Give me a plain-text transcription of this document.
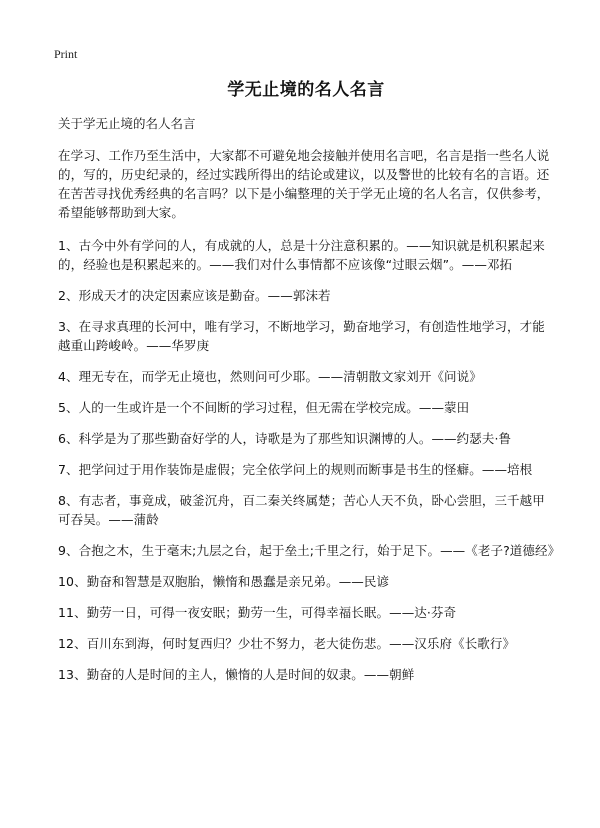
Print
学无止境的名人名言
关于学无止境的名人名言
在学习、工作乃至生活中，大家都不可避免地会接触并使用名言吧，名言是指一些名人说的，写的，历史纪录的，经过实践所得出的结论或建议，以及警世的比较有名的言语。还在苦苦寻找优秀经典的名言吗？以下是小编整理的关于学无止境的名人名言，仅供参考，希望能够帮助到大家。

1、古今中外有学问的人，有成就的人，总是十分注意积累的。——知识就是机积累起来的，经验也是积累起来的。——我们对什么事情都不应该像“过眼云烟”。——邓拓

2、形成天才的决定因素应该是勤奋。——郭沫若

3、在寻求真理的长河中，唯有学习，不断地学习，勤奋地学习，有创造性地学习，才能越重山跨峻岭。——华罗庚

4、理无专在，而学无止境也，然则问可少耶。——清朝散文家刘开《问说》

5、人的一生或许是一个不间断的学习过程，但无需在学校完成。——蒙田

6、科学是为了那些勤奋好学的人，诗歌是为了那些知识渊博的人。——约瑟夫·鲁

7、把学问过于用作装饰是虚假；完全依学问上的规则而断事是书生的怪癖。——培根

8、有志者，事竟成，破釜沉舟，百二秦关终属楚；苦心人天不负，卧心尝胆，三千越甲可吞吴。——蒲龄

9、合抱之木，生于毫末;九层之台，起于垒土;千里之行，始于足下。——《老子?道德经》

10、勤奋和智慧是双胞胎，懒惰和愚蠢是亲兄弟。——民谚

11、勤劳一日，可得一夜安眠；勤劳一生，可得幸福长眠。——达·芬奇

12、百川东到海，何时复西归？少壮不努力，老大徒伤悲。——汉乐府《长歌行》

13、勤奋的人是时间的主人，懒惰的人是时间的奴隶。——朝鲜
